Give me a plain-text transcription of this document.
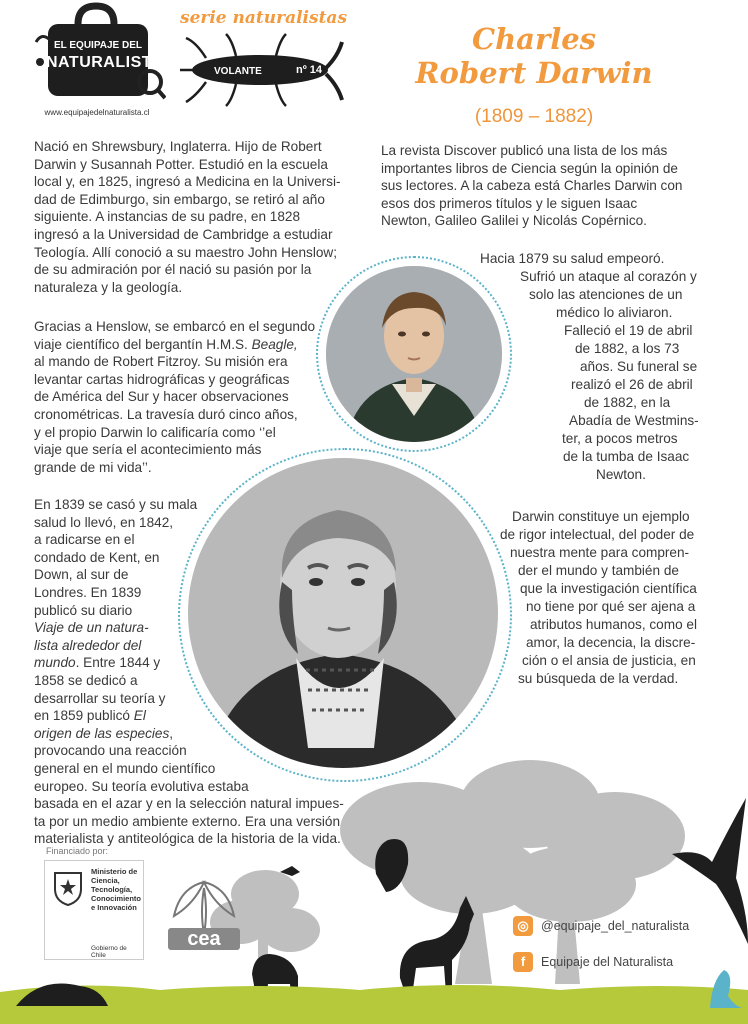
EL EQUIPAJE DEL
NATURALISTA
www.equipajedelnaturalista.cl
serie naturalistas
VOLANTE	nº 14
Charles
Robert Darwin
(1809 – 1882)
Nació en Shrewsbury, Inglaterra. Hijo de Robert
Darwin y Susannah Potter. Estudió en la escuela
local y, en 1825, ingresó a Medicina en la Universi-
dad de Edimburgo, sin embargo, se retiró al año
siguiente. A instancias de su padre, en 1828
ingresó a la Universidad de Cambridge a estudiar
Teología. Allí conoció a su maestro John Henslow;
de su admiración por él nació su pasión por la
naturaleza y la geología.
Gracias a Henslow, se embarcó en el segundo
viaje científico del bergantín H.M.S. Beagle,
al mando de Robert Fitzroy. Su misión era
levantar cartas hidrográficas y geográficas
de América del Sur y hacer observaciones
cronométricas. La travesía duró cinco años,
y el propio Darwin lo calificaría como ‘’el
viaje que sería el acontecimiento más
grande de mi vida’’.
En 1839 se casó y su mala
salud lo llevó, en 1842,
a radicarse en el
condado de Kent, en
Down, al sur de
Londres. En 1839
publicó su diario
Viaje de un natura-
lista alrededor del
mundo. Entre 1844 y
1858 se dedicó a
desarrollar su teoría y
en 1859 publicó El
origen de las especies,
provocando una reacción
general en el mundo científico
europeo. Su teoría evolutiva estaba
basada en el azar y en la selección natural impues-
ta por un medio ambiente externo. Era una versión
materialista y antiteológica de la historia de la vida.
La revista Discover publicó una lista de los más
importantes libros de Ciencia según la opinión de
sus lectores. A la cabeza está Charles Darwin con
esos dos primeros títulos y le siguen Isaac
Newton, Galileo Galilei y Nicolás Copérnico.
Hacia 1879 su salud empeoró.
Sufrió un ataque al corazón y
solo las atenciones de un
médico lo aliviaron.
Falleció el 19 de abril
de 1882, a los 73
años. Su funeral se
realizó el 26 de abril
de 1882, en la
Abadía de Westmins-
ter, a pocos metros
de la tumba de Isaac
Newton.
Darwin constituye un ejemplo
de rigor intelectual, del poder de
nuestra mente para compren-
der el mundo y también de
que la investigación científica
no tiene por qué ser ajena a
atributos humanos, como el
amor, la decencia, la discre-
ción o el ansia de justicia, en
su búsqueda de la verdad.
Financiado por:
Ministerio de
Ciencia,
Tecnología,
Conocimiento
e Innovación
Gobierno de Chile
cea
◎ @equipaje_del_naturalista
f	Equipaje del Naturalista
